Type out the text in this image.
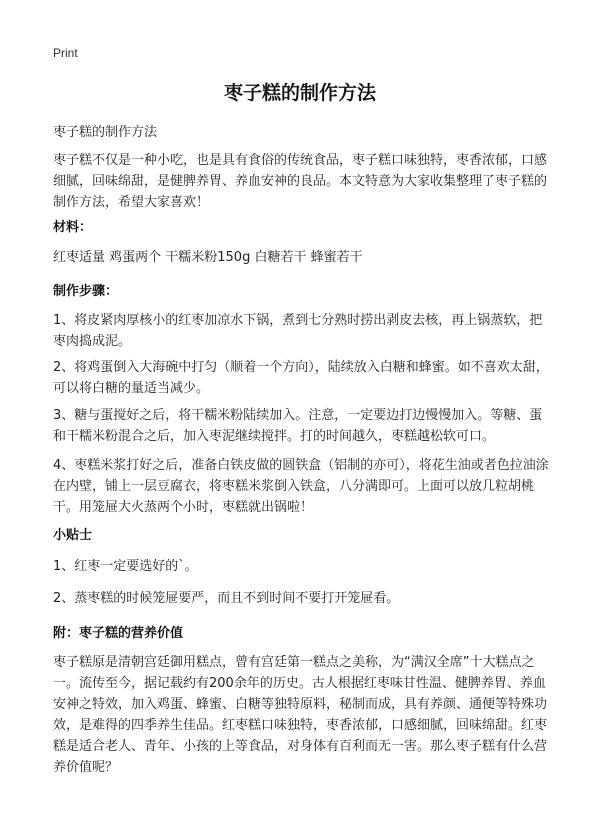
Print
枣子糕的制作方法

枣子糕的制作方法

枣子糕不仅是一种小吃，也是具有食俗的传统食品，枣子糕口味独特，枣香浓郁，口感细腻，回味绵甜，是健脾养胃、养血安神的良品。本文特意为大家收集整理了枣子糕的制作方法，希望大家喜欢！

材料：

红枣适量 鸡蛋两个 干糯米粉150g 白糖若干 蜂蜜若干

制作步骤：

1、将皮紧肉厚核小的红枣加凉水下锅，煮到七分熟时捞出剥皮去核，再上锅蒸软，把枣肉捣成泥。

2、将鸡蛋倒入大海碗中打匀（顺着一个方向），陆续放入白糖和蜂蜜。如不喜欢太甜，可以将白糖的量适当减少。

3、糖与蛋搅好之后，将干糯米粉陆续加入。注意，一定要边打边慢慢加入。等糖、蛋和干糯米粉混合之后，加入枣泥继续搅拌。打的时间越久，枣糕越松软可口。

4、枣糕米浆打好之后，准备白铁皮做的圆铁盒（铝制的亦可），将花生油或者色拉油涂在内壁，铺上一层豆腐衣，将枣糕米浆倒入铁盒，八分满即可。上面可以放几粒胡桃干。用笼屉大火蒸两个小时，枣糕就出锅啦！

小贴士

1、红枣一定要选好的`。

2、蒸枣糕的时候笼屉要严，而且不到时间不要打开笼屉看。

附：枣子糕的营养价值

枣子糕原是清朝宫廷御用糕点，曾有宫廷第一糕点之美称，为“满汉全席”十大糕点之一。流传至今，据记载约有200余年的历史。古人根据红枣味甘性温、健脾养胃、养血安神之特效，加入鸡蛋、蜂蜜、白糖等独特原料，秘制而成，具有养颜、通便等特殊功效，是难得的四季养生佳品。红枣糕口味独特，枣香浓郁，口感细腻，回味绵甜。红枣糕是适合老人、青年、小孩的上等食品，对身体有百利而无一害。那么枣子糕有什么营养价值呢？
